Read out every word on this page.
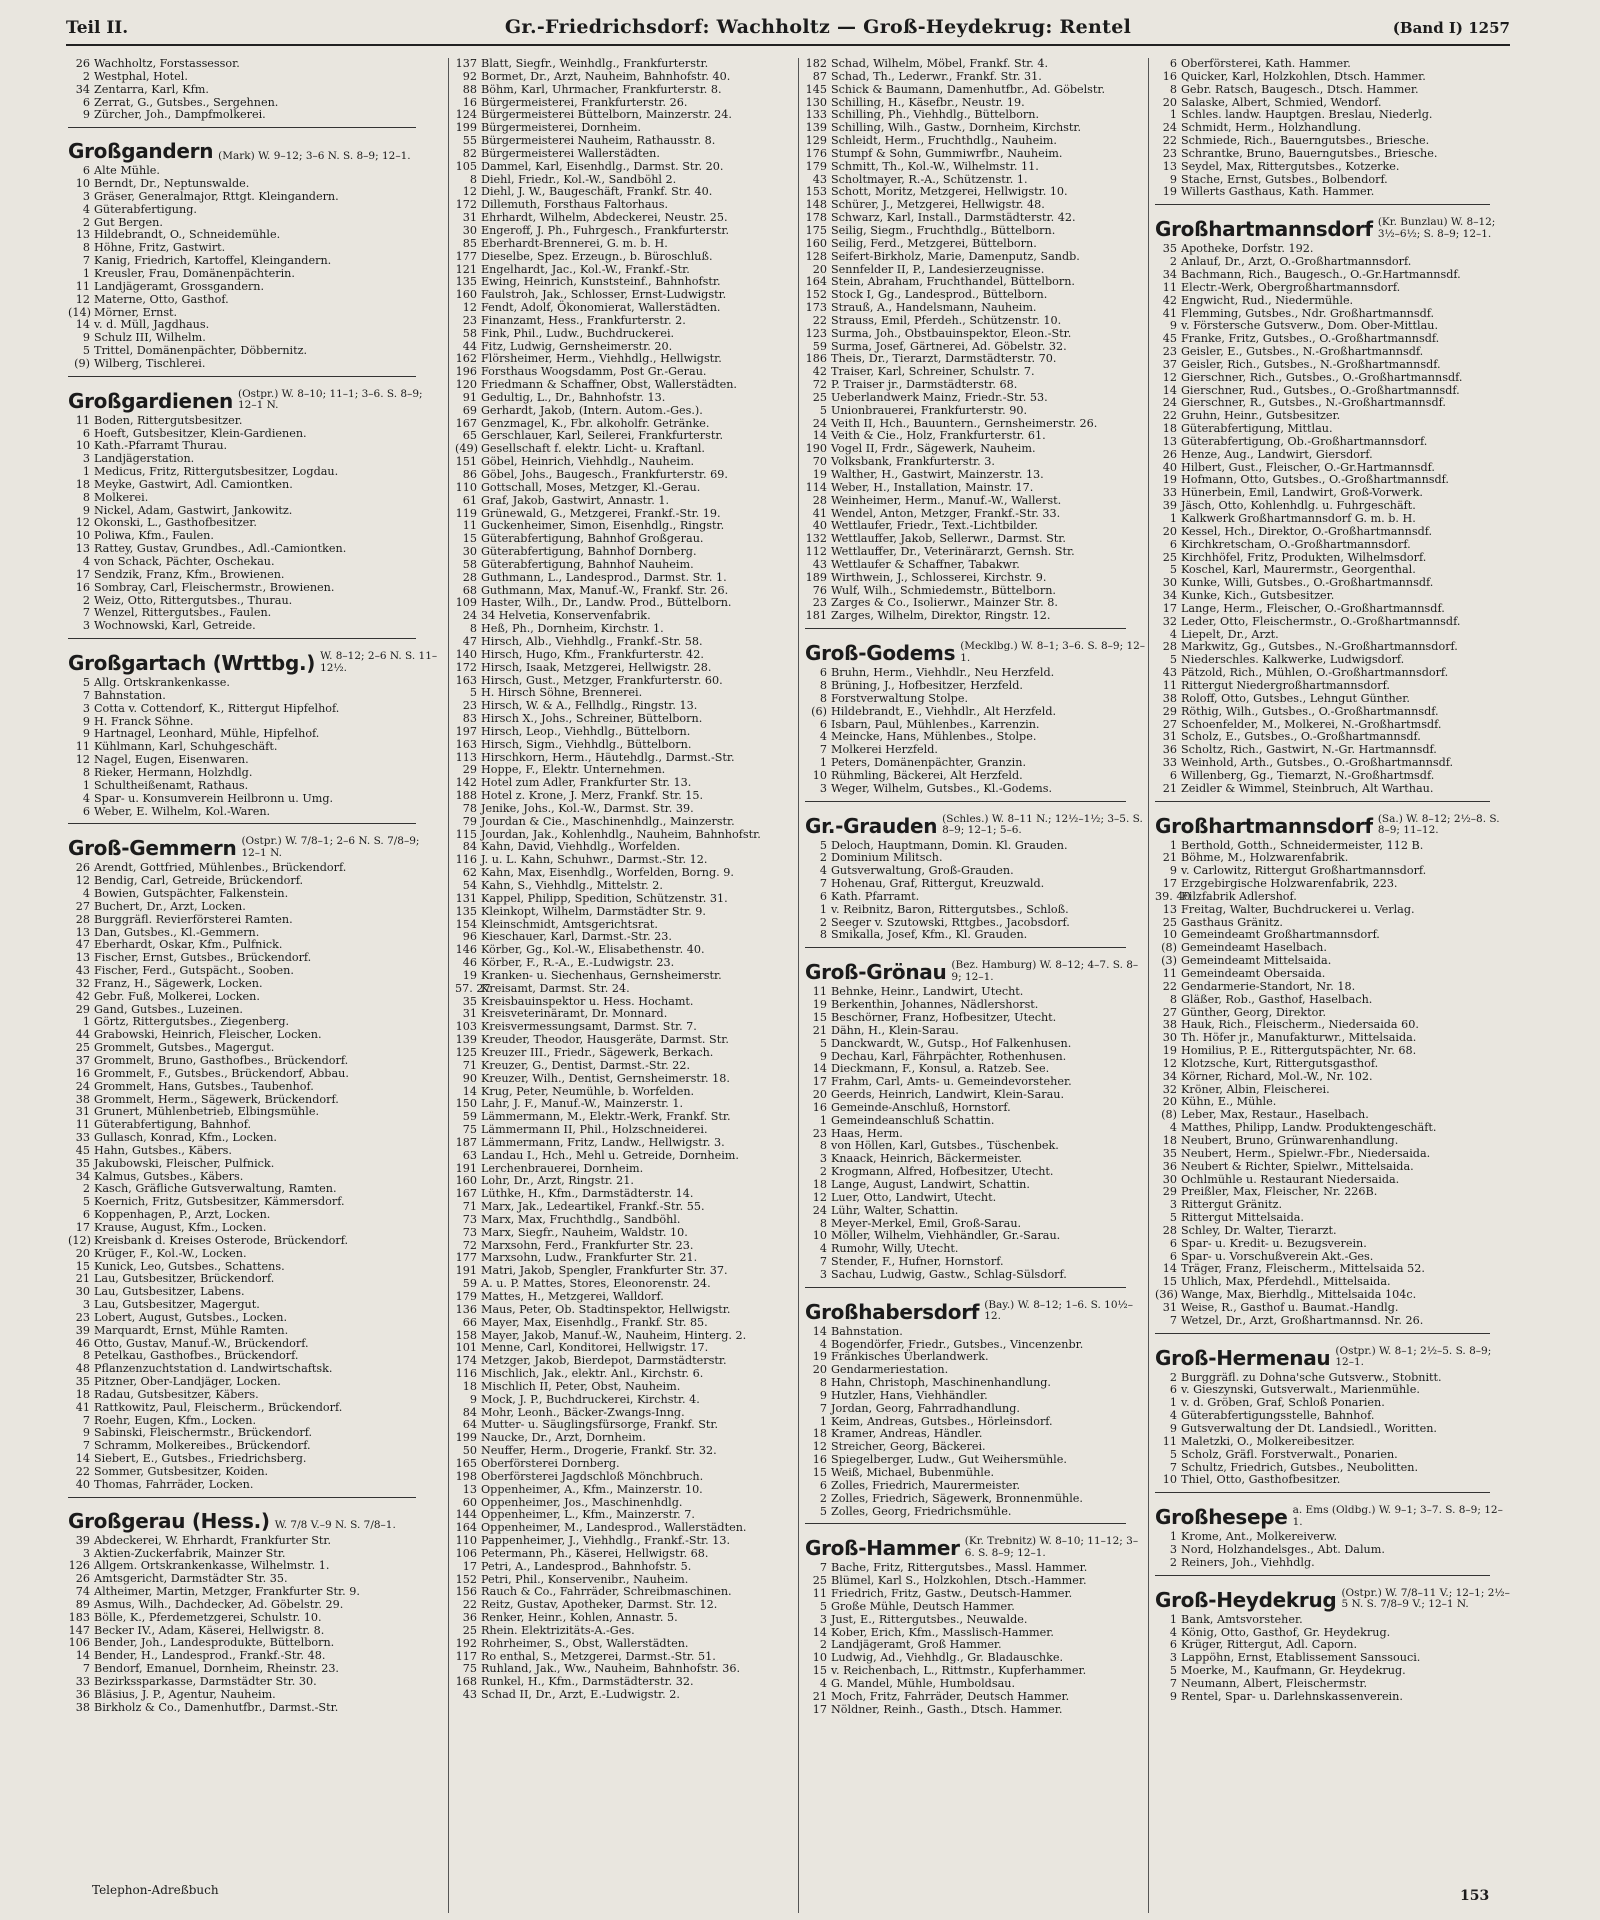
Teil II.	Gr.-Friedrichsdorf: Wachholtz — Groß-Heydekrug: Rentel	(Band I) 1257
26 Wachholtz, Forstassessor.
2 Westphal, Hotel.
34 Zentarra, Karl, Kfm.
6 Zerrat, G., Gutsbes., Sergehnen.
9 Zürcher, Joh., Dampfmolkerei.
Großgandern (Mark) W. 9–12; 3–6 N. S. 8–9; 12–1.
6 Alte Mühle.
10 Berndt, Dr., Neptunswalde.
3 Gräser, Generalmajor, Rttgt. Kleingandern.
4 Güterabfertigung.
2 Gut Bergen.
13 Hildebrandt, O., Schneidemühle.
8 Höhne, Fritz, Gastwirt.
7 Kanig, Friedrich, Kartoffel, Kleingandern.
1 Kreusler, Frau, Domänenpächterin.
11 Landjägeramt, Grossgandern.
12 Materne, Otto, Gasthof.
(14) Mörner, Ernst.
14 v. d. Müll, Jagdhaus.
9 Schulz III, Wilhelm.
5 Trittel, Domänenpächter, Döbbernitz.
(9) Wilberg, Tischlerei.
Großgardienen (Ostpr.) W. 8–10; 11–1; 3–6. S. 8–9; 12–1 N.
11 Boden, Rittergutsbesitzer.
6 Hoeft, Gutsbesitzer, Klein-Gardienen.
10 Kath.-Pfarramt Thurau.
3 Landjägerstation.
1 Medicus, Fritz, Rittergutsbesitzer, Logdau.
18 Meyke, Gastwirt, Adl. Camiontken.
8 Molkerei.
9 Nickel, Adam, Gastwirt, Jankowitz.
12 Okonski, L., Gasthofbesitzer.
10 Poliwa, Kfm., Faulen.
13 Rattey, Gustav, Grundbes., Adl.-Camiontken.
4 von Schack, Pächter, Oschekau.
17 Sendzik, Franz, Kfm., Browienen.
16 Sombray, Carl, Fleischermstr., Browienen.
2 Weiz, Otto, Rittergutsbes., Thurau.
7 Wenzel, Rittergutsbes., Faulen.
3 Wochnowski, Karl, Getreide.
Großgartach (Wrttbg.) W. 8–12; 2–6 N. S. 11–12½.
5 Allg. Ortskrankenkasse.
7 Bahnstation.
3 Cotta v. Cottendorf, K., Rittergut Hipfelhof.
9 H. Franck Söhne.
9 Hartnagel, Leonhard, Mühle, Hipfelhof.
11 Kühlmann, Karl, Schuhgeschäft.
12 Nagel, Eugen, Eisenwaren.
8 Rieker, Hermann, Holzhdlg.
1 Schultheißenamt, Rathaus.
4 Spar- u. Konsumverein Heilbronn u. Umg.
6 Weber, E. Wilhelm, Kol.-Waren.
Groß-Gemmern (Ostpr.) W. 7/8–1; 2–6 N. S. 7/8–9; 12–1 N.
26 Arendt, Gottfried, Mühlenbes., Brückendorf.
12 Bendig, Carl, Getreide, Brückendorf.
4 Bowien, Gutspächter, Falkenstein.
27 Buchert, Dr., Arzt, Locken.
28 Burggräfl. Revierförsterei Ramten.
13 Dan, Gutsbes., Kl.-Gemmern.
47 Eberhardt, Oskar, Kfm., Pulfnick.
13 Fischer, Ernst, Gutsbes., Brückendorf.
43 Fischer, Ferd., Gutspächt., Sooben.
32 Franz, H., Sägewerk, Locken.
42 Gebr. Fuß, Molkerei, Locken.
29 Gand, Gutsbes., Luzeinen.
1 Görtz, Rittergutsbes., Ziegenberg.
44 Grabowski, Heinrich, Fleischer, Locken.
25 Grommelt, Gutsbes., Magergut.
37 Grommelt, Bruno, Gasthofbes., Brückendorf.
16 Grommelt, F., Gutsbes., Brückendorf, Abbau.
24 Grommelt, Hans, Gutsbes., Taubenhof.
38 Grommelt, Herm., Sägewerk, Brückendorf.
31 Grunert, Mühlenbetrieb, Elbingsmühle.
11 Güterabfertigung, Bahnhof.
33 Gullasch, Konrad, Kfm., Locken.
45 Hahn, Gutsbes., Käbers.
35 Jakubowski, Fleischer, Pulfnick.
34 Kalmus, Gutsbes., Käbers.
2 Kasch, Gräfliche Gutsverwaltung, Ramten.
5 Koernich, Fritz, Gutsbesitzer, Kämmersdorf.
6 Koppenhagen, P., Arzt, Locken.
17 Krause, August, Kfm., Locken.
(12) Kreisbank d. Kreises Osterode, Brückendorf.
20 Krüger, F., Kol.-W., Locken.
15 Kunick, Leo, Gutsbes., Schattens.
21 Lau, Gutsbesitzer, Brückendorf.
30 Lau, Gutsbesitzer, Labens.
3 Lau, Gutsbesitzer, Magergut.
23 Lobert, August, Gutsbes., Locken.
39 Marquardt, Ernst, Mühle Ramten.
46 Otto, Gustav, Manuf.-W., Brückendorf.
8 Petelkau, Gasthofbes., Brückendorf.
48 Pflanzenzuchtstation d. Landwirtschaftsk.
35 Pitzner, Ober-Landjäger, Locken.
18 Radau, Gutsbesitzer, Käbers.
41 Rattkowitz, Paul, Fleischerm., Brückendorf.
7 Roehr, Eugen, Kfm., Locken.
9 Sabinski, Fleischermstr., Brückendorf.
7 Schramm, Molkereibes., Brückendorf.
14 Siebert, E., Gutsbes., Friedrichsberg.
22 Sommer, Gutsbesitzer, Koiden.
40 Thomas, Fahrräder, Locken.
Großgerau (Hess.) W. 7/8 V.–9 N. S. 7/8–1.
39 Abdeckerei, W. Ehrhardt, Frankfurter Str.
3 Aktien-Zuckerfabrik, Mainzer Str.
126 Allgem. Ortskrankenkasse, Wilhelmstr. 1.
26 Amtsgericht, Darmstädter Str. 35.
74 Altheimer, Martin, Metzger, Frankfurter Str. 9.
89 Asmus, Wilh., Dachdecker, Ad. Göbelstr. 29.
183 Bölle, K., Pferdemetzgerei, Schulstr. 10.
147 Becker IV., Adam, Käserei, Hellwigstr. 8.
106 Bender, Joh., Landesprodukte, Büttelborn.
14 Bender, H., Landesprod., Frankf.-Str. 48.
7 Bendorf, Emanuel, Dornheim, Rheinstr. 23.
33 Bezirkssparkasse, Darmstädter Str. 30.
36 Bläsius, J. P., Agentur, Nauheim.
38 Birkholz & Co., Damenhutfbr., Darmst.-Str.
137 Blatt, Siegfr., Weinhdlg., Frankfurterstr.
92 Bormet, Dr., Arzt, Nauheim, Bahnhofstr. 40.
88 Böhm, Karl, Uhrmacher, Frankfurterstr. 8.
16 Bürgermeisterei, Frankfurterstr. 26.
124 Bürgermeisterei Büttelborn, Mainzerstr. 24.
199 Bürgermeisterei, Dornheim.
55 Bürgermeisterei Nauheim, Rathausstr. 8.
82 Bürgermeisterei Wallerstädten.
105 Dammel, Karl, Eisenhdlg., Darmst. Str. 20.
8 Diehl, Friedr., Kol.-W., Sandböhl 2.
12 Diehl, J. W., Baugeschäft, Frankf. Str. 40.
172 Dillemuth, Forsthaus Faltorhaus.
31 Ehrhardt, Wilhelm, Abdeckerei, Neustr. 25.
30 Engeroff, J. Ph., Fuhrgesch., Frankfurterstr.
85 Eberhardt-Brennerei, G. m. b. H.
177 Dieselbe, Spez. Erzeugn., b. Büroschluß.
121 Engelhardt, Jac., Kol.-W., Frankf.-Str.
135 Ewing, Heinrich, Kunststeinf., Bahnhofstr.
160 Faulstroh, Jak., Schlosser, Ernst-Ludwigstr.
12 Fendt, Adolf, Ökonomierat, Wallerstädten.
23 Finanzamt, Hess., Frankfurterstr. 2.
58 Fink, Phil., Ludw., Buchdruckerei.
44 Fitz, Ludwig, Gernsheimerstr. 20.
162 Flörsheimer, Herm., Viehhdlg., Hellwigstr.
196 Forsthaus Woogsdamm, Post Gr.-Gerau.
120 Friedmann & Schaffner, Obst, Wallerstädten.
91 Gedultig, L., Dr., Bahnhofstr. 13.
69 Gerhardt, Jakob, (Intern. Autom.-Ges.).
167 Genzmagel, K., Fbr. alkoholfr. Getränke.
65 Gerschlauer, Karl, Seilerei, Frankfurterstr.
(49) Gesellschaft f. elektr. Licht- u. Kraftanl.
151 Göbel, Heinrich, Viehhdlg., Nauheim.
86 Göbel, Johs., Baugesch., Frankfurterstr. 69.
110 Gottschall, Moses, Metzger, Kl.-Gerau.
61 Graf, Jakob, Gastwirt, Annastr. 1.
119 Grünewald, G., Metzgerei, Frankf.-Str. 19.
11 Guckenheimer, Simon, Eisenhdlg., Ringstr.
15 Güterabfertigung, Bahnhof Großgerau.
30 Güterabfertigung, Bahnhof Dornberg.
58 Güterabfertigung, Bahnhof Nauheim.
28 Guthmann, L., Landesprod., Darmst. Str. 1.
68 Guthmann, Max, Manuf.-W., Frankf. Str. 26.
109 Haster, Wilh., Dr., Landw. Prod., Büttelborn.
24 34 Helvetia, Konservenfabrik.
8 Heß, Ph., Dornheim, Kirchstr. 1.
47 Hirsch, Alb., Viehhdlg., Frankf.-Str. 58.
140 Hirsch, Hugo, Kfm., Frankfurterstr. 42.
172 Hirsch, Isaak, Metzgerei, Hellwigstr. 28.
163 Hirsch, Gust., Metzger, Frankfurterstr. 60.
5 H. Hirsch Söhne, Brennerei.
23 Hirsch, W. & A., Fellhdlg., Ringstr. 13.
83 Hirsch X., Johs., Schreiner, Büttelborn.
197 Hirsch, Leop., Viehhdlg., Büttelborn.
163 Hirsch, Sigm., Viehhdlg., Büttelborn.
113 Hirschkorn, Herm., Häutehdlg., Darmst.-Str.
29 Hoppe, F., Elektr. Unternehmen.
142 Hotel zum Adler, Frankfurter Str. 13.
188 Hotel z. Krone, J. Merz, Frankf. Str. 15.
78 Jenike, Johs., Kol.-W., Darmst. Str. 39.
79 Jourdan & Cie., Maschinenhdlg., Mainzerstr.
115 Jourdan, Jak., Kohlenhdlg., Nauheim, Bahnhofstr.
84 Kahn, David, Viehhdlg., Worfelden.
116 J. u. L. Kahn, Schuhwr., Darmst.-Str. 12.
62 Kahn, Max, Eisenhdlg., Worfelden, Borng. 9.
54 Kahn, S., Viehhdlg., Mittelstr. 2.
131 Kappel, Philipp, Spedition, Schützenstr. 31.
135 Kleinkopt, Wilhelm, Darmstädter Str. 9.
154 Kleinschmidt, Amtsgerichtsrat.
96 Kieschauer, Karl, Darmst.-Str. 23.
146 Körber, Gg., Kol.-W., Elisabethenstr. 40.
46 Körber, F., R.-A., E.-Ludwigstr. 23.
19 Kranken- u. Siechenhaus, Gernsheimerstr.
57. 27Kreisamt, Darmst. Str. 24.
35 Kreisbauinspektor u. Hess. Hochamt.
31 Kreisveterinäramt, Dr. Monnard.
103 Kreisvermessungsamt, Darmst. Str. 7.
139 Kreuder, Theodor, Hausgeräte, Darmst. Str.
125 Kreuzer III., Friedr., Sägewerk, Berkach.
71 Kreuzer, G., Dentist, Darmst.-Str. 22.
90 Kreuzer, Wilh., Dentist, Gernsheimerstr. 18.
14 Krug, Peter, Neumühle, b. Worfelden.
150 Lahr, J. F., Manuf.-W., Mainzerstr. 1.
59 Lämmermann, M., Elektr.-Werk, Frankf. Str.
75 Lämmermann II, Phil., Holzschneiderei.
187 Lämmermann, Fritz, Landw., Hellwigstr. 3.
63 Landau I., Hch., Mehl u. Getreide, Dornheim.
191 Lerchenbrauerei, Dornheim.
160 Lohr, Dr., Arzt, Ringstr. 21.
167 Lüthke, H., Kfm., Darmstädterstr. 14.
71 Marx, Jak., Ledeartikel, Frankf.-Str. 55.
73 Marx, Max, Fruchthdlg., Sandböhl.
73 Marx, Siegfr., Nauheim, Waldstr. 10.
72 Marxsohn, Ferd., Frankfurter Str. 23.
177 Marxsohn, Ludw., Frankfurter Str. 21.
191 Matri, Jakob, Spengler, Frankfurter Str. 37.
59 A. u. P. Mattes, Stores, Eleonorenstr. 24.
179 Mattes, H., Metzgerei, Walldorf.
136 Maus, Peter, Ob. Stadtinspektor, Hellwigstr.
66 Mayer, Max, Eisenhdlg., Frankf. Str. 85.
158 Mayer, Jakob, Manuf.-W., Nauheim, Hinterg. 2.
101 Menne, Carl, Konditorei, Hellwigstr. 17.
174 Metzger, Jakob, Bierdepot, Darmstädterstr.
116 Mischlich, Jak., elektr. Anl., Kirchstr. 6.
18 Mischlich II, Peter, Obst, Nauheim.
9 Mock, J. P., Buchdruckerei, Kirchstr. 4.
84 Mohr, Leonh., Bäcker-Zwangs-Inng.
64 Mutter- u. Säuglingsfürsorge, Frankf. Str.
199 Naucke, Dr., Arzt, Dornheim.
50 Neuffer, Herm., Drogerie, Frankf. Str. 32.
165 Oberförsterei Dornberg.
198 Oberförsterei Jagdschloß Mönchbruch.
13 Oppenheimer, A., Kfm., Mainzerstr. 10.
60 Oppenheimer, Jos., Maschinenhdlg.
144 Oppenheimer, L., Kfm., Mainzerstr. 7.
164 Oppenheimer, M., Landesprod., Wallerstädten.
110 Pappenheimer, J., Viehhdlg., Frankf.-Str. 13.
106 Petermann, Ph., Käserei, Hellwigstr. 68.
17 Petri, A., Landesprod., Bahnhofstr. 5.
152 Petri, Phil., Konservenibr., Nauheim.
156 Rauch & Co., Fahrräder, Schreibmaschinen.
22 Reitz, Gustav, Apotheker, Darmst. Str. 12.
36 Renker, Heinr., Kohlen, Annastr. 5.
25 Rhein. Elektrizitäts-A.-Ges.
192 Rohrheimer, S., Obst, Wallerstädten.
117 Ro enthal, S., Metzgerei, Darmst.-Str. 51.
75 Ruhland, Jak., Ww., Nauheim, Bahnhofstr. 36.
168 Runkel, H., Kfm., Darmstädterstr. 32.
43 Schad II, Dr., Arzt, E.-Ludwigstr. 2.
182 Schad, Wilhelm, Möbel, Frankf. Str. 4.
87 Schad, Th., Lederwr., Frankf. Str. 31.
145 Schick & Baumann, Damenhutfbr., Ad. Göbelstr.
130 Schilling, H., Käsefbr., Neustr. 19.
133 Schilling, Ph., Viehhdlg., Büttelborn.
139 Schilling, Wilh., Gastw., Dornheim, Kirchstr.
129 Schleidt, Herm., Fruchthdlg., Nauheim.
176 Stumpf & Sohn, Gummiwrfbr., Nauheim.
179 Schmitt, Th., Kol.-W., Wilhelmstr. 11.
43 Scholtmayer, R.-A., Schützenstr. 1.
153 Schott, Moritz, Metzgerei, Hellwigstr. 10.
148 Schürer, J., Metzgerei, Hellwigstr. 48.
178 Schwarz, Karl, Install., Darmstädterstr. 42.
175 Seilig, Siegm., Fruchthdlg., Büttelborn.
160 Seilig, Ferd., Metzgerei, Büttelborn.
128 Seifert-Birkholz, Marie, Damenputz, Sandb.
20 Sennfelder II, P., Landesierzeugnisse.
164 Stein, Abraham, Fruchthandel, Büttelborn.
152 Stock I, Gg., Landesprod., Büttelborn.
173 Strauß, A., Handelsmann, Nauheim.
22 Strauss, Emil, Pferdeh., Schützenstr. 10.
123 Surma, Joh., Obstbauinspektor, Eleon.-Str.
59 Surma, Josef, Gärtnerei, Ad. Göbelstr. 32.
186 Theis, Dr., Tierarzt, Darmstädterstr. 70.
42 Traiser, Karl, Schreiner, Schulstr. 7.
72 P. Traiser jr., Darmstädterstr. 68.
25 Ueberlandwerk Mainz, Friedr.-Str. 53.
5 Unionbrauerei, Frankfurterstr. 90.
24 Veith II, Hch., Bauuntern., Gernsheimerstr. 26.
14 Veith & Cie., Holz, Frankfurterstr. 61.
190 Vogel II, Frdr., Sägewerk, Nauheim.
70 Volksbank, Frankfurterstr. 3.
19 Walther, H., Gastwirt, Mainzerstr. 13.
114 Weber, H., Installation, Mainstr. 17.
28 Weinheimer, Herm., Manuf.-W., Wallerst.
41 Wendel, Anton, Metzger, Frankf.-Str. 33.
40 Wettlaufer, Friedr., Text.-Lichtbilder.
132 Wettlauffer, Jakob, Sellerwr., Darmst. Str.
112 Wettlauffer, Dr., Veterinärarzt, Gernsh. Str.
43 Wettlaufer & Schaffner, Tabakwr.
189 Wirthwein, J., Schlosserei, Kirchstr. 9.
76 Wulf, Wilh., Schmiedemstr., Büttelborn.
23 Zarges & Co., Isolierwr., Mainzer Str. 8.
181 Zarges, Wilhelm, Direktor, Ringstr. 12.
Groß-Godems (Mecklbg.) W. 8–1; 3–6. S. 8–9; 12–1.
6 Bruhn, Herm., Viehhdlr., Neu Herzfeld.
8 Brüning, J., Hofbesitzer, Herzfeld.
8 Forstverwaltung Stolpe.
(6) Hildebrandt, E., Viehhdlr., Alt Herzfeld.
6 Isbarn, Paul, Mühlenbes., Karrenzin.
4 Meincke, Hans, Mühlenbes., Stolpe.
7 Molkerei Herzfeld.
1 Peters, Domänenpächter, Granzin.
10 Rühmling, Bäckerei, Alt Herzfeld.
3 Weger, Wilhelm, Gutsbes., Kl.-Godems.
Gr.-Grauden (Schles.) W. 8–11 N.; 12½–1½; 3–5. S. 8–9; 12–1; 5–6.
5 Deloch, Hauptmann, Domin. Kl. Grauden.
2 Dominium Militsch.
4 Gutsverwaltung, Groß-Grauden.
7 Hohenau, Graf, Rittergut, Kreuzwald.
6 Kath. Pfarramt.
1 v. Reibnitz, Baron, Rittergutsbes., Schloß.
2 Seeger v. Szutowski, Rttgbes., Jacobsdorf.
8 Smikalla, Josef, Kfm., Kl. Grauden.
Groß-Grönau (Bez. Hamburg) W. 8–12; 4–7. S. 8–9; 12–1.
11 Behnke, Heinr., Landwirt, Utecht.
19 Berkenthin, Johannes, Nädlershorst.
15 Beschörner, Franz, Hofbesitzer, Utecht.
21 Dähn, H., Klein-Sarau.
5 Danckwardt, W., Gutsp., Hof Falkenhusen.
9 Dechau, Karl, Fährpächter, Rothenhusen.
14 Dieckmann, F., Konsul, a. Ratzeb. See.
17 Frahm, Carl, Amts- u. Gemeindevorsteher.
20 Geerds, Heinrich, Landwirt, Klein-Sarau.
16 Gemeinde-Anschluß, Hornstorf.
1 Gemeindeanschluß Schattin.
23 Haas, Herm.
8 von Höllen, Karl, Gutsbes., Tüschenbek.
3 Knaack, Heinrich, Bäckermeister.
2 Krogmann, Alfred, Hofbesitzer, Utecht.
18 Lange, August, Landwirt, Schattin.
12 Luer, Otto, Landwirt, Utecht.
24 Lühr, Walter, Schattin.
8 Meyer-Merkel, Emil, Groß-Sarau.
10 Möller, Wilhelm, Viehhändler, Gr.-Sarau.
4 Rumohr, Willy, Utecht.
7 Stender, F., Hufner, Hornstorf.
3 Sachau, Ludwig, Gastw., Schlag-Sülsdorf.
Großhabersdorf (Bay.) W. 8–12; 1–6. S. 10½–12.
14 Bahnstation.
4 Bogendörfer, Friedr., Gutsbes., Vincenzenbr.
19 Fränkisches Überlandwerk.
20 Gendarmeriestation.
8 Hahn, Christoph, Maschinenhandlung.
9 Hutzler, Hans, Viehhändler.
7 Jordan, Georg, Fahrradhandlung.
1 Keim, Andreas, Gutsbes., Hörleinsdorf.
18 Kramer, Andreas, Händler.
12 Streicher, Georg, Bäckerei.
16 Spiegelberger, Ludw., Gut Weihersmühle.
15 Weiß, Michael, Bubenmühle.
6 Zolles, Friedrich, Maurermeister.
2 Zolles, Friedrich, Sägewerk, Bronnenmühle.
5 Zolles, Georg, Friedrichsmühle.
Groß-Hammer (Kr. Trebnitz) W. 8–10; 11–12; 3–6. S. 8–9; 12–1.
7 Bache, Fritz, Rittergutsbes., Massl. Hammer.
25 Blümel, Karl S., Holzkohlen, Dtsch.-Hammer.
11 Friedrich, Fritz, Gastw., Deutsch-Hammer.
5 Große Mühle, Deutsch Hammer.
3 Just, E., Rittergutsbes., Neuwalde.
14 Kober, Erich, Kfm., Masslisch-Hammer.
2 Landjägeramt, Groß Hammer.
10 Ludwig, Ad., Viehhdlg., Gr. Bladauschke.
15 v. Reichenbach, L., Rittmstr., Kupferhammer.
4 G. Mandel, Mühle, Humboldsau.
21 Moch, Fritz, Fahrräder, Deutsch Hammer.
17 Nöldner, Reinh., Gasth., Dtsch. Hammer.
6 Oberförsterei, Kath. Hammer.
16 Quicker, Karl, Holzkohlen, Dtsch. Hammer.
8 Gebr. Ratsch, Baugesch., Dtsch. Hammer.
20 Salaske, Albert, Schmied, Wendorf.
1 Schles. landw. Hauptgen. Breslau, Niederlg.
24 Schmidt, Herm., Holzhandlung.
22 Schmiede, Rich., Bauerngutsbes., Briesche.
23 Schrantke, Bruno, Bauerngutsbes., Briesche.
13 Seydel, Max, Rittergutsbes., Kotzerke.
9 Stache, Ernst, Gutsbes., Bolbendorf.
19 Willerts Gasthaus, Kath. Hammer.
Großhartmannsdorf (Kr. Bunzlau) W. 8–12; 3½–6½; S. 8–9; 12–1.
35 Apotheke, Dorfstr. 192.
2 Anlauf, Dr., Arzt, O.-Großhartmannsdorf.
34 Bachmann, Rich., Baugesch., O.-Gr.Hartmannsdf.
11 Electr.-Werk, Obergroßhartmannsdorf.
42 Engwicht, Rud., Niedermühle.
41 Flemming, Gutsbes., Ndr. Großhartmannsdf.
9 v. Förstersche Gutsverw., Dom. Ober-Mittlau.
45 Franke, Fritz, Gutsbes., O.-Großhartmannsdf.
23 Geisler, E., Gutsbes., N.-Großhartmannsdf.
37 Geisler, Rich., Gutsbes., N.-Großhartmannsdf.
12 Gierschner, Rich., Gutsbes., O.-Großhartmannsdf.
14 Gierschner, Rud., Gutsbes., O.-Großhartmannsdf.
24 Gierschner, R., Gutsbes., N.-Großhartmannsdf.
22 Gruhn, Heinr., Gutsbesitzer.
18 Güterabfertigung, Mittlau.
13 Güterabfertigung, Ob.-Großhartmannsdorf.
26 Henze, Aug., Landwirt, Giersdorf.
40 Hilbert, Gust., Fleischer, O.-Gr.Hartmannsdf.
19 Hofmann, Otto, Gutsbes., O.-Großhartmannsdf.
33 Hünerbein, Emil, Landwirt, Groß-Vorwerk.
39 Jäsch, Otto, Kohlenhdlg. u. Fuhrgeschäft.
1 Kalkwerk Großhartmannsdorf G. m. b. H.
20 Kessel, Hch., Direktor, O.-Großhartmannsdf.
6 Kirchkretscham, O.-Großhartmannsdorf.
25 Kirchhöfel, Fritz, Produkten, Wilhelmsdorf.
5 Koschel, Karl, Maurermstr., Georgenthal.
30 Kunke, Willi, Gutsbes., O.-Großhartmannsdf.
34 Kunke, Kich., Gutsbesitzer.
17 Lange, Herm., Fleischer, O.-Großhartmannsdf.
32 Leder, Otto, Fleischermstr., O.-Großhartmannsdf.
4 Liepelt, Dr., Arzt.
28 Markwitz, Gg., Gutsbes., N.-Großhartmannsdorf.
5 Niederschles. Kalkwerke, Ludwigsdorf.
43 Pätzold, Rich., Mühlen, O.-Großhartmannsdorf.
11 Rittergut Niedergroßhartmannsdorf.
38 Roloff, Otto, Gutsbes., Lehngut Günther.
29 Röthig, Wilh., Gutsbes., O.-Großhartmannsdf.
27 Schoenfelder, M., Molkerei, N.-Großhartmsdf.
31 Scholz, E., Gutsbes., O.-Großhartmannsdf.
36 Scholtz, Rich., Gastwirt, N.-Gr. Hartmannsdf.
33 Weinhold, Arth., Gutsbes., O.-Großhartmannsdf.
6 Willenberg, Gg., Tiemarzt, N.-Großhartmsdf.
21 Zeidler & Wimmel, Steinbruch, Alt Warthau.
Großhartmannsdorf (Sa.) W. 8–12; 2½–8. S. 8–9; 11–12.
1 Berthold, Gotth., Schneidermeister, 112 B.
21 Böhme, M., Holzwarenfabrik.
9 v. Carlowitz, Rittergut Großhartmannsdorf.
17 Erzgebirgische Holzwarenfabrik, 223.
39. 40Filzfabrik Adlershof.
13 Freitag, Walter, Buchdruckerei u. Verlag.
25 Gasthaus Gränitz.
10 Gemeindeamt Großhartmannsdorf.
(8) Gemeindeamt Haselbach.
(3) Gemeindeamt Mittelsaida.
11 Gemeindeamt Obersaida.
22 Gendarmerie-Standort, Nr. 18.
8 Gläßer, Rob., Gasthof, Haselbach.
27 Günther, Georg, Direktor.
38 Hauk, Rich., Fleischerm., Niedersaida 60.
30 Th. Höfer jr., Manufakturwr., Mittelsaida.
19 Homilius, P. E., Rittergutspächter, Nr. 68.
12 Klotzsche, Kurt, Rittergutsgasthof.
34 Körner, Richard, Mol.-W., Nr. 102.
32 Kröner, Albin, Fleischerei.
20 Kühn, E., Mühle.
(8) Leber, Max, Restaur., Haselbach.
4 Matthes, Philipp, Landw. Produktengeschäft.
18 Neubert, Bruno, Grünwarenhandlung.
35 Neubert, Herm., Spielwr.-Fbr., Niedersaida.
36 Neubert & Richter, Spielwr., Mittelsaida.
30 Ochlmühle u. Restaurant Niedersaida.
29 Preißler, Max, Fleischer, Nr. 226B.
3 Rittergut Gränitz.
5 Rittergut Mittelsaida.
28 Schley, Dr. Walter, Tierarzt.
6 Spar- u. Kredit- u. Bezugsverein.
6 Spar- u. Vorschußverein Akt.-Ges.
14 Träger, Franz, Fleischerm., Mittelsaida 52.
15 Uhlich, Max, Pferdehdl., Mittelsaida.
(36) Wange, Max, Bierhdlg., Mittelsaida 104c.
31 Weise, R., Gasthof u. Baumat.-Handlg.
7 Wetzel, Dr., Arzt, Großhartmannsd. Nr. 26.
Groß-Hermenau (Ostpr.) W. 8–1; 2½–5. S. 8–9; 12–1.
2 Burggräfl. zu Dohna'sche Gutsverw., Stobnitt.
6 v. Gieszynski, Gutsverwalt., Marienmühle.
1 v. d. Gröben, Graf, Schloß Ponarien.
4 Güterabfertigungsstelle, Bahnhof.
9 Gutsverwaltung der Dt. Landsiedl., Woritten.
11 Maletzki, O., Molkereibesitzer.
5 Scholz, Gräfl. Forstverwalt., Ponarien.
7 Schultz, Friedrich, Gutsbes., Neubolitten.
10 Thiel, Otto, Gasthofbesitzer.
Großhesepe a. Ems (Oldbg.) W. 9–1; 3–7. S. 8–9; 12–1.
1 Krome, Ant., Molkereiverw.
3 Nord, Holzhandelsges., Abt. Dalum.
2 Reiners, Joh., Viehhdlg.
Groß-Heydekrug (Ostpr.) W. 7/8–11 V.; 12–1; 2½–5 N. S. 7/8–9 V.; 12–1 N.
1 Bank, Amtsvorsteher.
4 König, Otto, Gasthof, Gr. Heydekrug.
6 Krüger, Rittergut, Adl. Caporn.
3 Lappöhn, Ernst, Etablissement Sanssouci.
5 Moerke, M., Kaufmann, Gr. Heydekrug.
7 Neumann, Albert, Fleischermstr.
9 Rentel, Spar- u. Darlehnskassenverein.
Telephon-Adreßbuch	153
